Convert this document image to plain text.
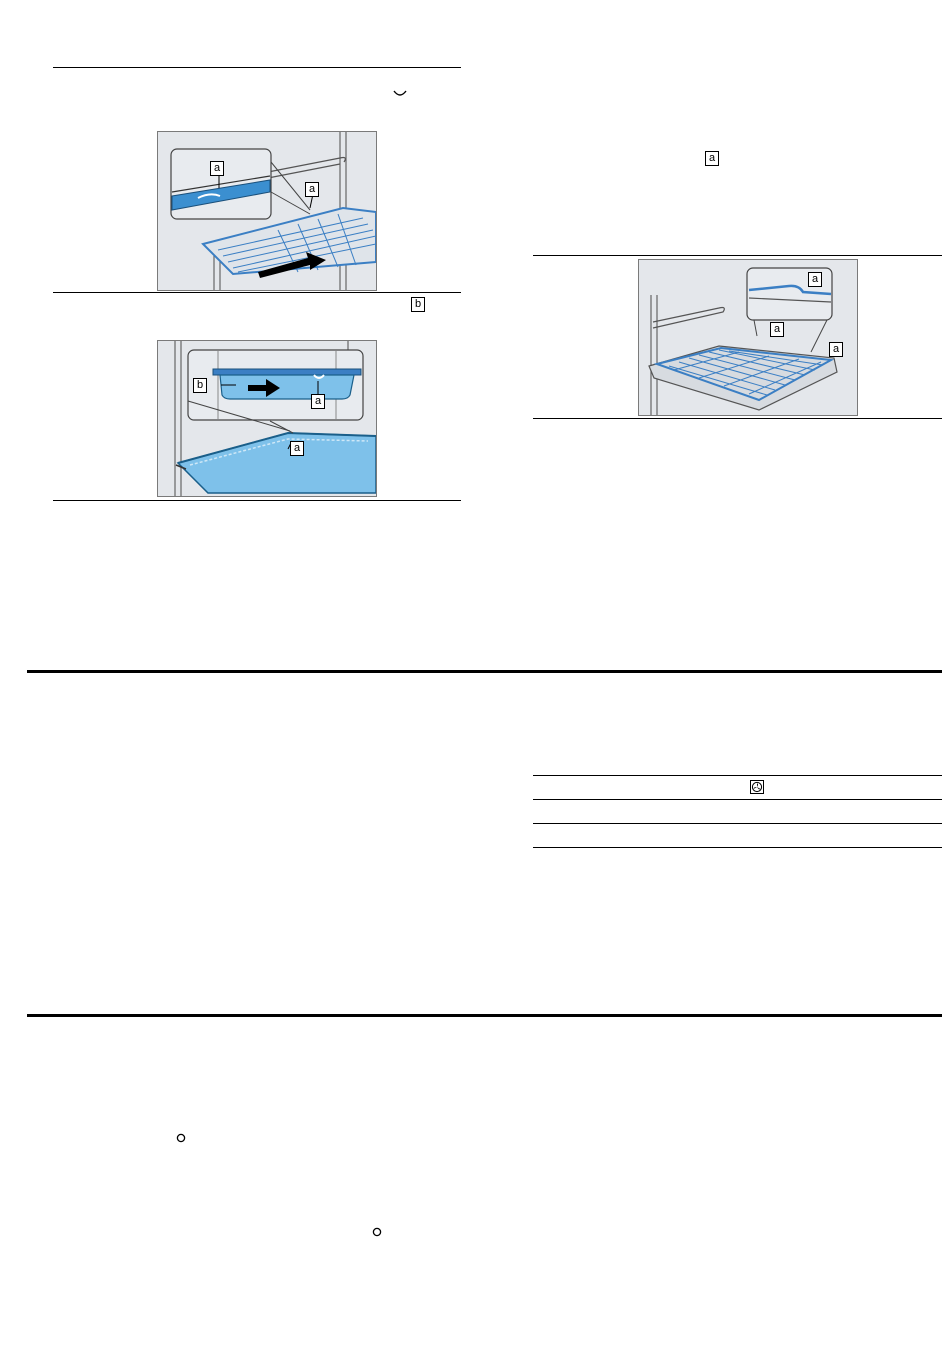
a
a
b
b
a
a
a
a
a
a
